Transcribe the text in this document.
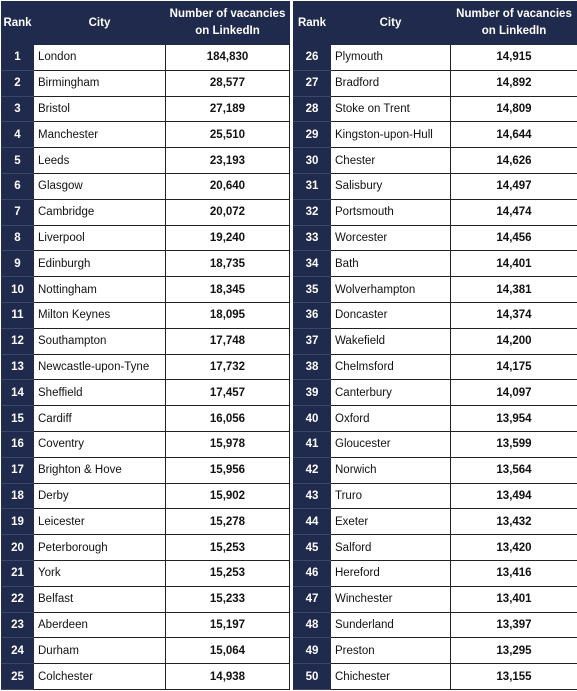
Rank	City	Number of vacancies
on LinkedIn

1	London	184,830
2	Birmingham	28,577
3	Bristol	27,189
4	Manchester	25,510
5	Leeds	23,193
6	Glasgow	20,640
7	Cambridge	20,072
8	Liverpool	19,240
9	Edinburgh	18,735
10	Nottingham	18,345
11	Milton Keynes	18,095
12	Southampton	17,748
13	Newcastle-upon-Tyne	17,732
14	Sheffield	17,457
15	Cardiff	16,056
16	Coventry	15,978
17	Brighton & Hove	15,956
18	Derby	15,902
19	Leicester	15,278
20	Peterborough	15,253
21	York	15,253
22	Belfast	15,233
23	Aberdeen	15,197
24	Durham	15,064
25	Colchester	14,938
Rank	City	Number of vacancies
on LinkedIn

26	Plymouth	14,915
27	Bradford	14,892
28	Stoke on Trent	14,809
29	Kingston-upon-Hull	14,644
30	Chester	14,626
31	Salisbury	14,497
32	Portsmouth	14,474
33	Worcester	14,456
34	Bath	14,401
35	Wolverhampton	14,381
36	Doncaster	14,374
37	Wakefield	14,200
38	Chelmsford	14,175
39	Canterbury	14,097
40	Oxford	13,954
41	Gloucester	13,599
42	Norwich	13,564
43	Truro	13,494
44	Exeter	13,432
45	Salford	13,420
46	Hereford	13,416
47	Winchester	13,401
48	Sunderland	13,397
49	Preston	13,295
50	Chichester	13,155
